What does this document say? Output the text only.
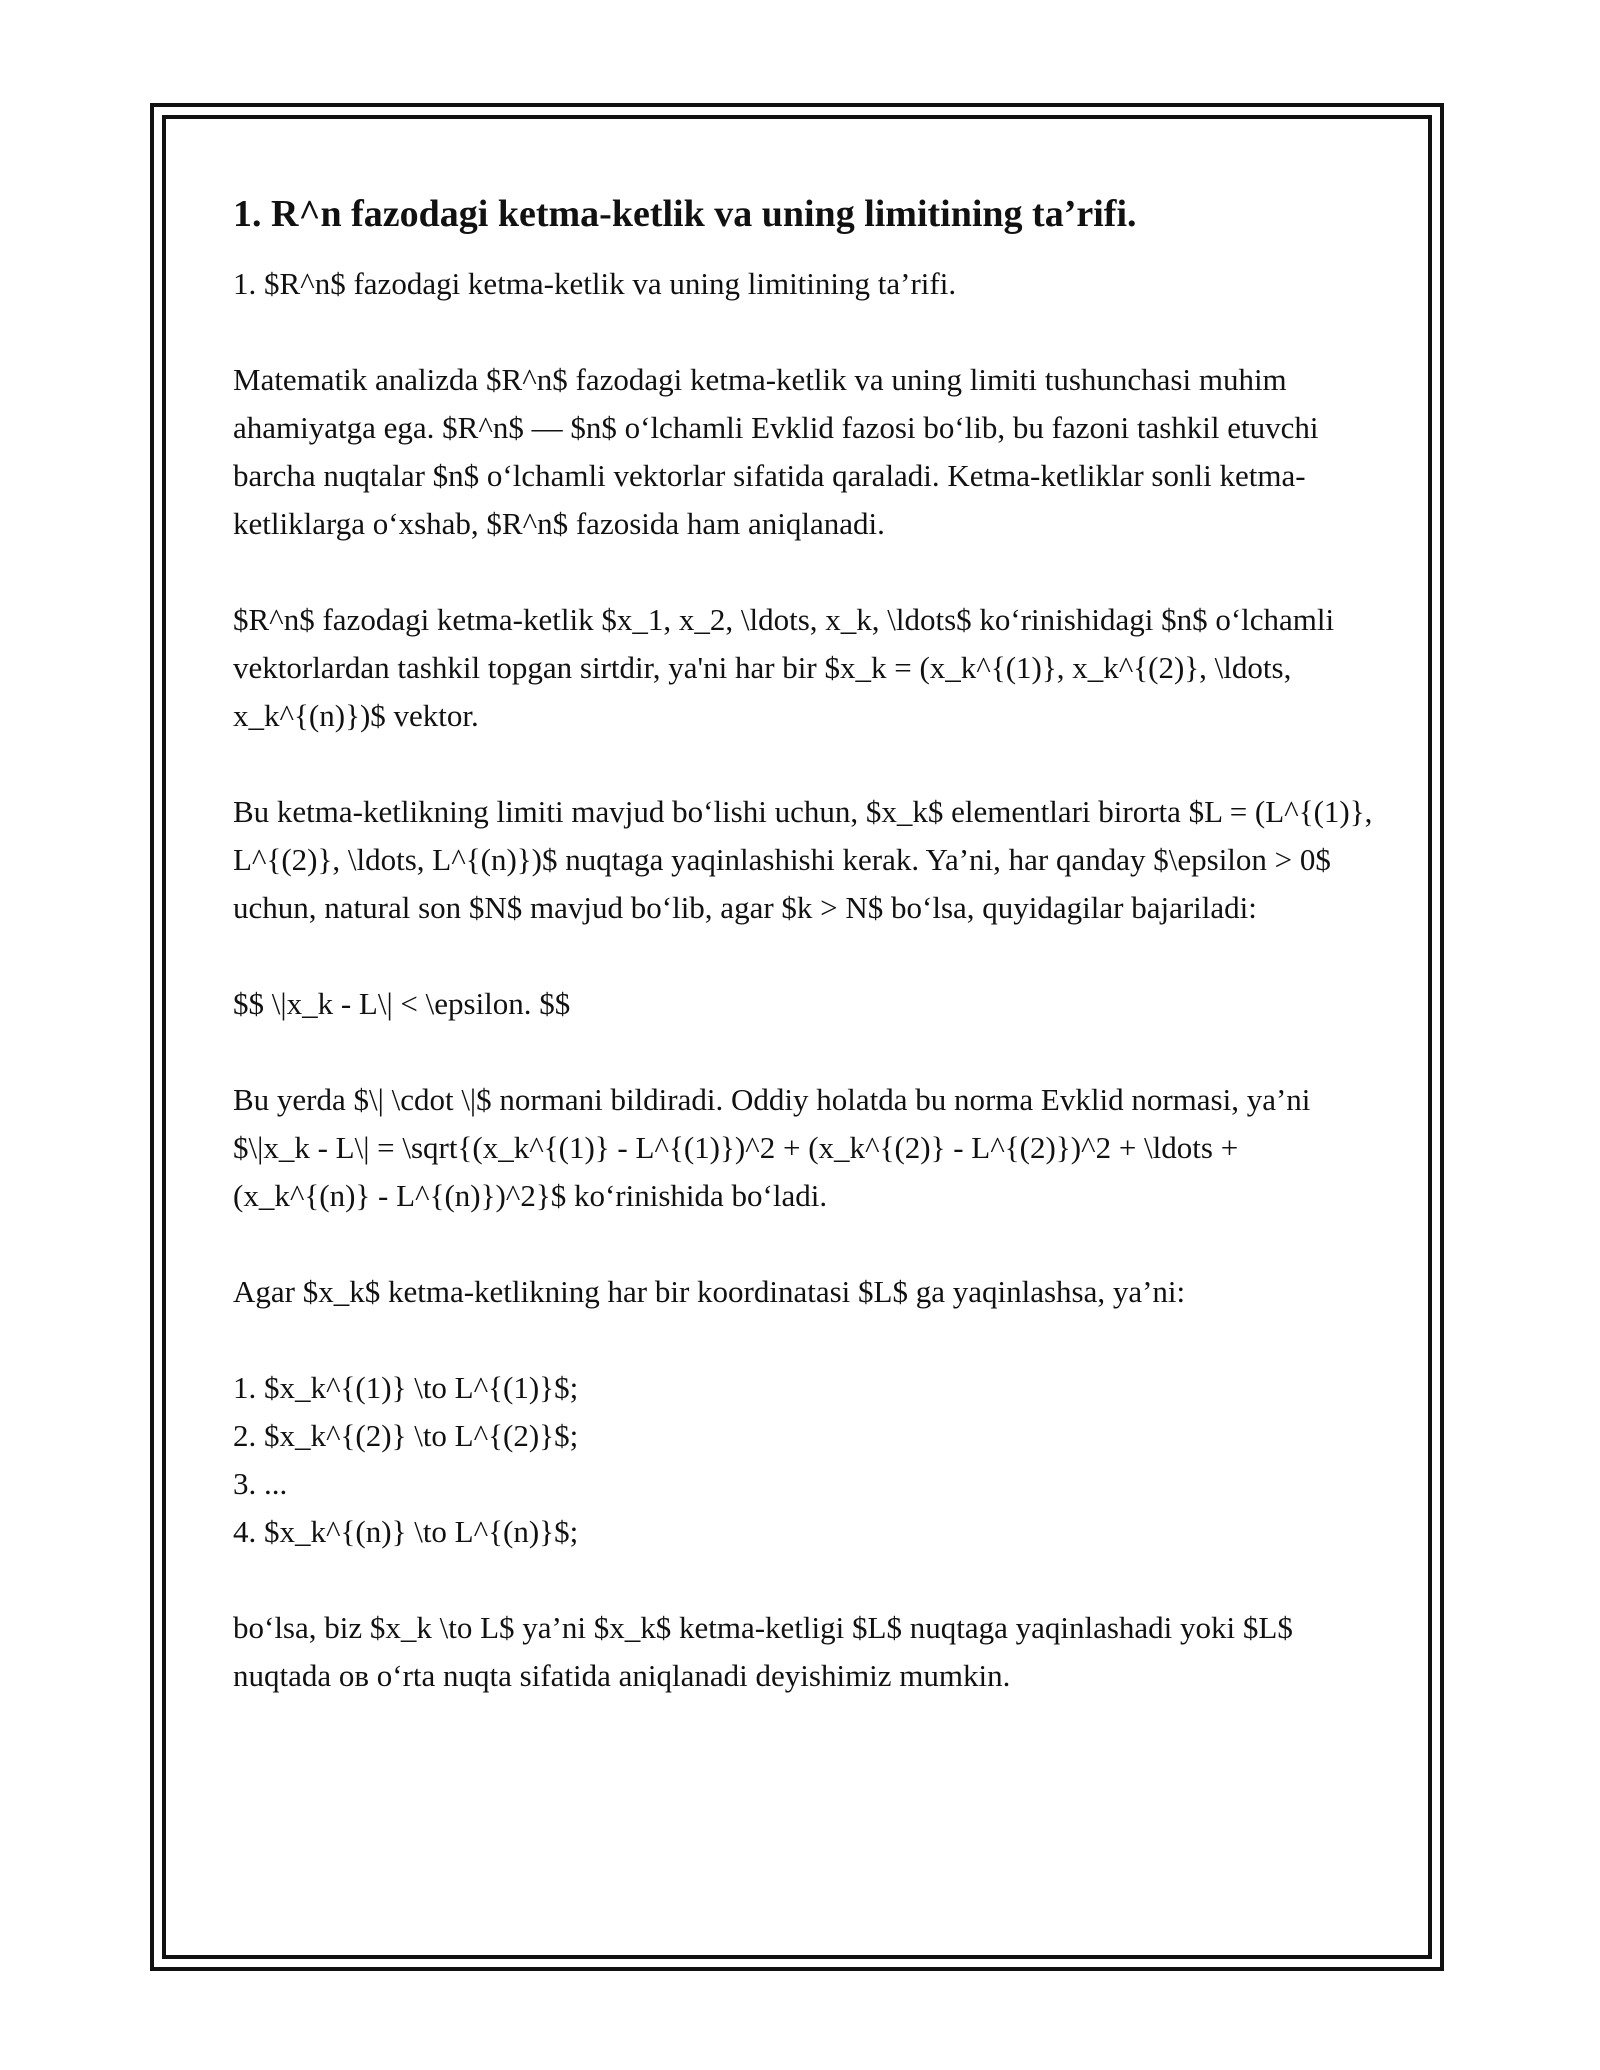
1. R^n fazodagi ketma-ketlik va uning limitining ta’rifi.

1. $R^n$ fazodagi ketma-ketlik va uning limitining ta’rifi.

Matematik analizda $R^n$ fazodagi ketma-ketlik va uning limiti tushunchasi muhim ahamiyatga ega. $R^n$ — $n$ o‘lchamli Evklid fazosi bo‘lib, bu fazoni tashkil etuvchi barcha nuqtalar $n$ o‘lchamli vektorlar sifatida qaraladi. Ketma-ketliklar sonli ketma-ketliklarga o‘xshab, $R^n$ fazosida ham aniqlanadi.

$R^n$ fazodagi ketma-ketlik $x_1, x_2, \ldots, x_k, \ldots$ ko‘rinishidagi $n$ o‘lchamli vektorlardan tashkil topgan sirtdir, ya'ni har bir $x_k = (x_k^{(1)}, x_k^{(2)}, \ldots, x_k^{(n)})$ vektor.

Bu ketma-ketlikning limiti mavjud bo‘lishi uchun, $x_k$ elementlari birorta $L = (L^{(1)}, L^{(2)}, \ldots, L^{(n)})$ nuqtaga yaqinlashishi kerak. Ya’ni, har qanday $\epsilon > 0$ uchun, natural son $N$ mavjud bo‘lib, agar $k > N$ bo‘lsa, quyidagilar bajariladi:

$$ \|x_k - L\| < \epsilon. $$

Bu yerda $\| \cdot \|$ normani bildiradi. Oddiy holatda bu norma Evklid normasi, ya’ni $\|x_k - L\| = \sqrt{(x_k^{(1)} - L^{(1)})^2 + (x_k^{(2)} - L^{(2)})^2 + \ldots + (x_k^{(n)} - L^{(n)})^2}$ ko‘rinishida bo‘ladi.

Agar $x_k$ ketma-ketlikning har bir koordinatasi $L$ ga yaqinlashsa, ya’ni:

1. $x_k^{(1)} \to L^{(1)}$;
2. $x_k^{(2)} \to L^{(2)}$;
3. ...
4. $x_k^{(n)} \to L^{(n)}$;

bo‘lsa, biz $x_k \to L$ ya’ni $x_k$ ketma-ketligi $L$ nuqtaga yaqinlashadi yoki $L$ nuqtada ов o‘rta nuqta sifatida aniqlanadi deyishimiz mumkin.
